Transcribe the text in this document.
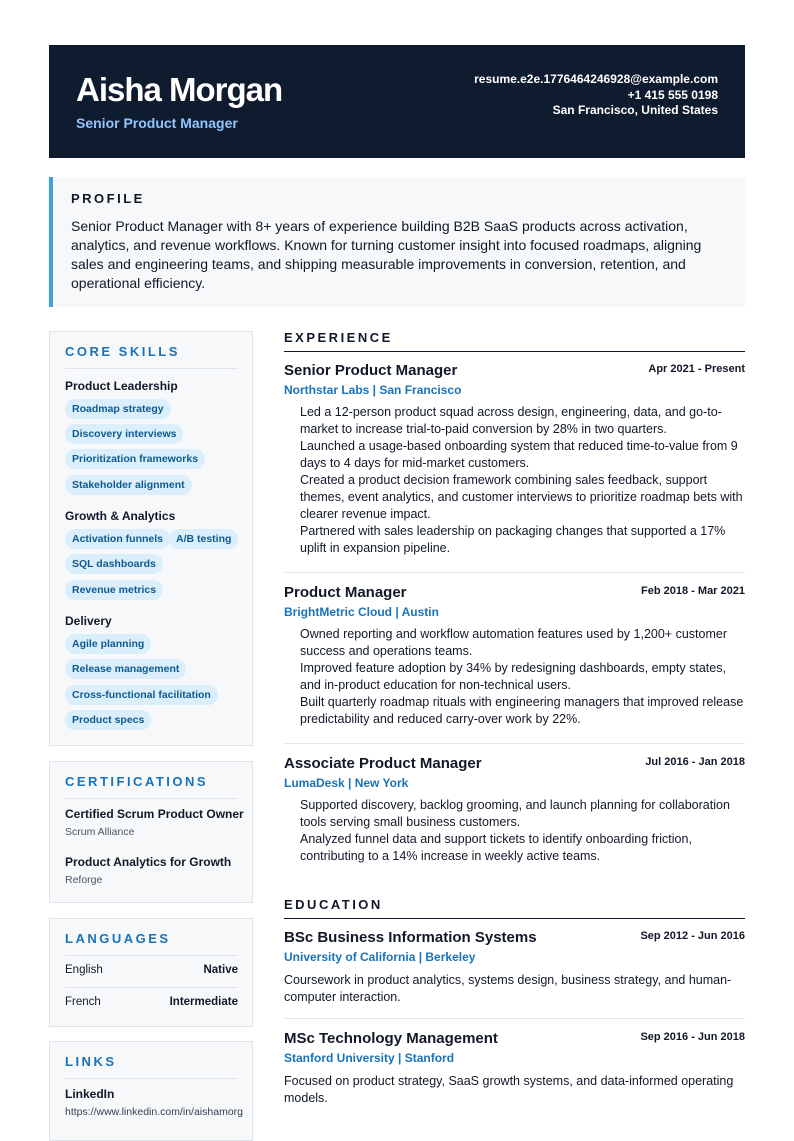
Aisha Morgan
Senior Product Manager
resume.e2e.1776464246928@example.com
+1 415 555 0198
San Francisco, United States
PROFILE
Senior Product Manager with 8+ years of experience building B2B SaaS products across activation, analytics, and revenue workflows. Known for turning customer insight into focused roadmaps, aligning sales and engineering teams, and shipping measurable improvements in conversion, retention, and operational efficiency.
CORE SKILLS
Product Leadership
Roadmap strategy
Discovery interviews
Prioritization frameworks
Stakeholder alignment
Growth & Analytics
Activation funnels	A/B testing
SQL dashboards
Revenue metrics
Delivery
Agile planning
Release management
Cross-functional facilitation
Product specs
CERTIFICATIONS
Certified Scrum Product Owner
Scrum Alliance
Product Analytics for Growth
Reforge
LANGUAGES
English	Native
French	Intermediate
LINKS
LinkedIn
https://www.linkedin.com/in/aishamorg
EXPERIENCE
Senior Product Manager	Apr 2021 - Present
Northstar Labs | San Francisco
Led a 12-person product squad across design, engineering, data, and go-to-market to increase trial-to-paid conversion by 28% in two quarters.
Launched a usage-based onboarding system that reduced time-to-value from 9 days to 4 days for mid-market customers.
Created a product decision framework combining sales feedback, support themes, event analytics, and customer interviews to prioritize roadmap bets with clearer revenue impact.
Partnered with sales leadership on packaging changes that supported a 17% uplift in expansion pipeline.
Product Manager	Feb 2018 - Mar 2021
BrightMetric Cloud | Austin
Owned reporting and workflow automation features used by 1,200+ customer success and operations teams.
Improved feature adoption by 34% by redesigning dashboards, empty states, and in-product education for non-technical users.
Built quarterly roadmap rituals with engineering managers that improved release predictability and reduced carry-over work by 22%.
Associate Product Manager	Jul 2016 - Jan 2018
LumaDesk | New York
Supported discovery, backlog grooming, and launch planning for collaboration tools serving small business customers.
Analyzed funnel data and support tickets to identify onboarding friction, contributing to a 14% increase in weekly active teams.
EDUCATION
BSc Business Information Systems	Sep 2012 - Jun 2016
University of California | Berkeley
Coursework in product analytics, systems design, business strategy, and human-computer interaction.
MSc Technology Management	Sep 2016 - Jun 2018
Stanford University | Stanford
Focused on product strategy, SaaS growth systems, and data-informed operating models.
